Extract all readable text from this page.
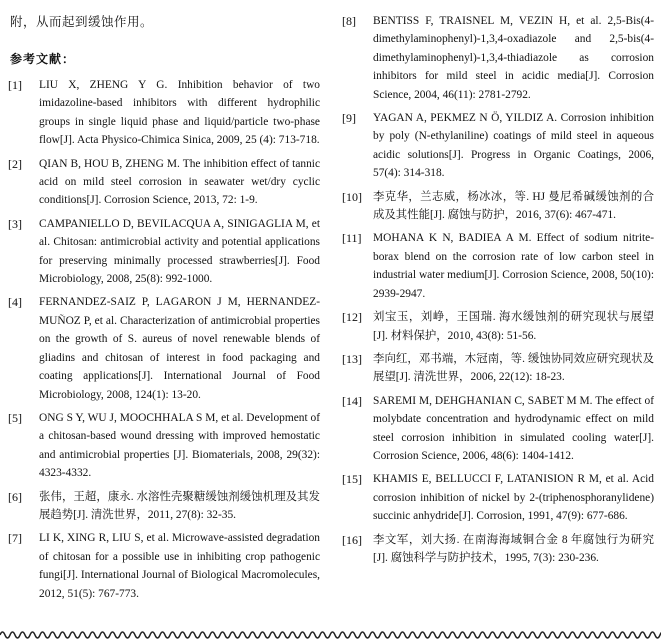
附，从而起到缓蚀作用。
参考文献：
[1]	LIU X, ZHENG Y G. Inhibition behavior of two imidazoline-based inhibitors with different hydrophilic groups in single liquid phase and liquid/particle two-phase flow[J]. Acta Physico-Chimica Sinica, 2009, 25 (4): 713-718.
[2]	QIAN B, HOU B, ZHENG M. The inhibition effect of tannic acid on mild steel corrosion in seawater wet/dry cyclic conditions[J]. Corrosion Science, 2013, 72: 1-9.
[3]	CAMPANIELLO D, BEVILACQUA A, SINIGAGLIA M, et al. Chitosan: antimicrobial activity and potential applications for preserving minimally processed strawberries[J]. Food Microbiology, 2008, 25(8): 992-1000.
[4]	FERNANDEZ-SAIZ P, LAGARON J M, HERNANDEZ-MUÑOZ P, et al. Characterization of antimicrobial properties on the growth of S. aureus of novel renewable blends of gliadins and chitosan of interest in food packaging and coating applications[J]. International Journal of Food Microbiology, 2008, 124(1): 13-20.
[5]	ONG S Y, WU J, MOOCHHALA S M, et al. Development of a chitosan-based wound dressing with improved hemostatic and antimicrobial properties [J]. Biomaterials, 2008, 29(32): 4323-4332.
[6]	张伟，王超，康永. 水溶性壳聚糖缓蚀剂缓蚀机理及其发展趋势[J]. 清洗世界，2011, 27(8): 32-35.
[7]	LI K, XING R, LIU S, et al. Microwave-assisted degradation of chitosan for a possible use in inhibiting crop pathogenic fungi[J]. International Journal of Biological Macromolecules, 2012, 51(5): 767-773.
[8]	BENTISS F, TRAISNEL M, VEZIN H, et al. 2,5-Bis(4-dimethylaminophenyl)-1,3,4-oxadiazole and 2,5-bis(4-dimethylaminophenyl)-1,3,4-thiadiazole as corrosion inhibitors for mild steel in acidic media[J]. Corrosion Science, 2004, 46(11): 2781-2792.
[9]	YAGAN A, PEKMEZ N Ö, YILDIZ A. Corrosion inhibition by poly (N-ethylaniline) coatings of mild steel in aqueous acidic solutions[J]. Progress in Organic Coatings, 2006, 57(4): 314-318.
[10] 李克华，兰志威，杨冰冰，等. HJ 曼尼希碱缓蚀剂的合成及其性能[J]. 腐蚀与防护，2016, 37(6): 467-471.
[11]	MOHANA K N, BADIEA A M. Effect of sodium nitrite-borax blend on the corrosion rate of low carbon steel in industrial water medium[J]. Corrosion Science, 2008, 50(10): 2939-2947.
[12] 刘宝玉，刘峥，王国瑞. 海水缓蚀剂的研究现状与展望[J]. 材料保护，2010, 43(8): 51-56.
[13] 李向红，邓书端，木冠南，等. 缓蚀协同效应研究现状及展望[J]. 清洗世界，2006, 22(12): 18-23.
[14] SAREMI M, DEHGHANIAN C, SABET M M. The effect of molybdate concentration and hydrodynamic effect on mild steel corrosion inhibition in simulated cooling water[J]. Corrosion Science, 2006, 48(6): 1404-1412.
[15] KHAMIS E, BELLUCCI F, LATANISION R M, et al. Acid corrosion inhibition of nickel by 2-(triphenosphoranylidene) succinic anhydride[J]. Corrosion, 1991, 47(9): 677-686.
[16] 李文军，刘大扬. 在南海海域铜合金 8 年腐蚀行为研究[J]. 腐蚀科学与防护技术，1995, 7(3): 230-236.
